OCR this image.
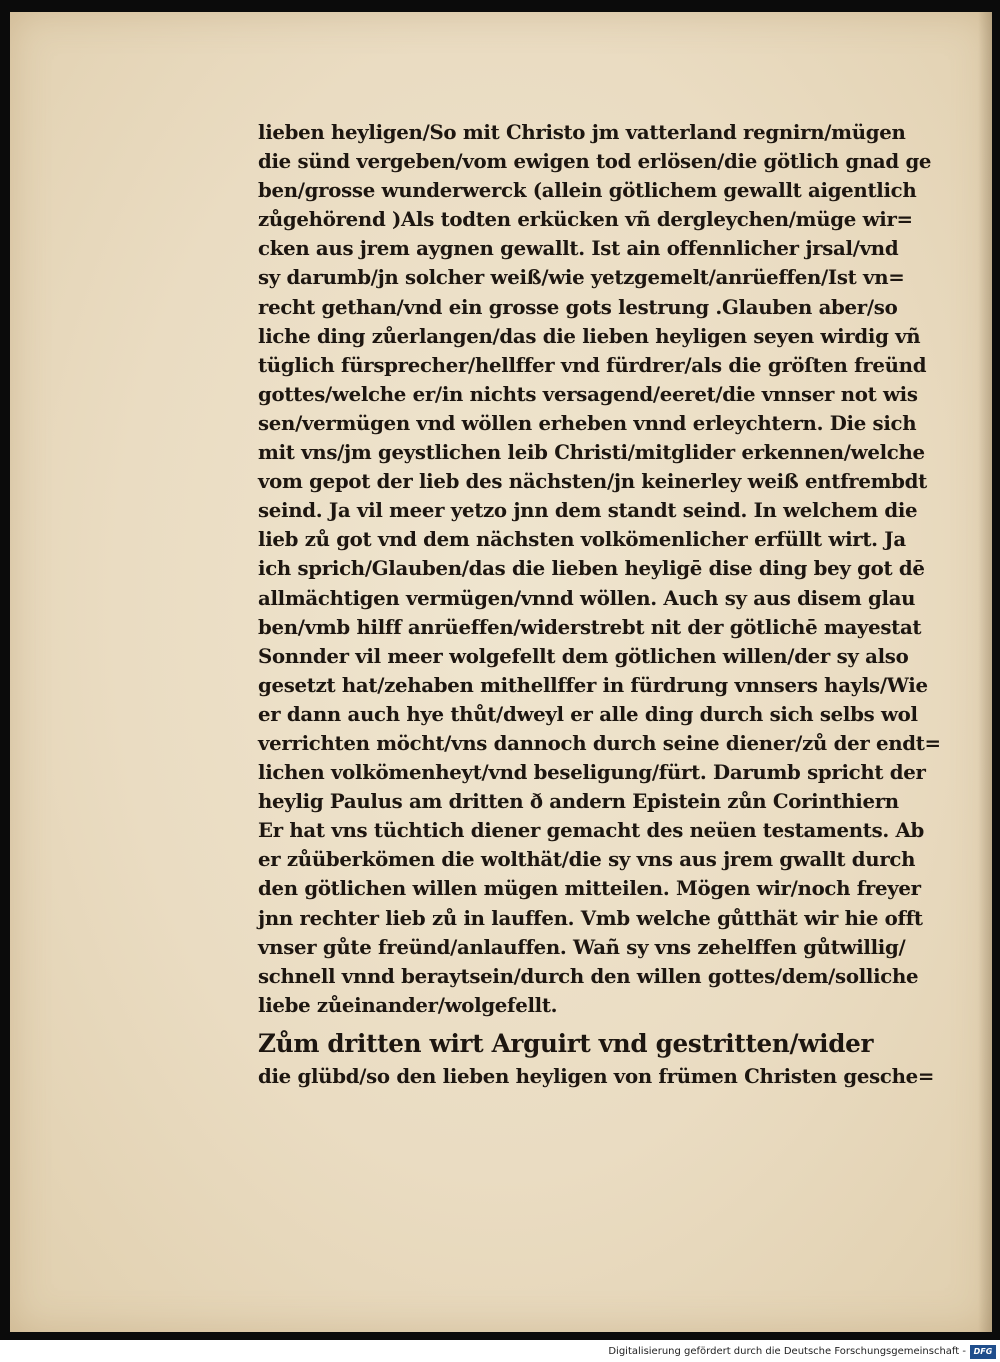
lieben heyligen/So mit Christo jm vatterland regnirn/mügen
die sünd vergeben/vom ewigen tod erlösen/die götlich gnad ge
ben/grosse wunderwerck (allein götlichem gewallt aigentlich
zůgehörend )Als todten erkücken vñ dergleychen/müge wir=
cken aus jrem aygnen gewallt. Ist ain offennlicher jrsal/vnd
sy darumb/jn solcher weiß/wie yetzgemelt/anrüeffen/Ist vn=
recht gethan/vnd ein grosse gots lestrung .Glauben aber/so
liche ding zůerlangen/das die lieben heyligen seyen wirdig vñ
tüglich fürsprecher/hellffer vnd fürdrer/als die gröſten freünd
gottes/welche er/in nichts versagend/eeret/die vnnser not wis
sen/vermügen vnd wöllen erheben vnnd erleychtern. Die sich
mit vns/jm geystlichen leib Christi/mitglider erkennen/welche
vom gepot der lieb des nächsten/jn keinerley weiß entfrembdt
seind. Ja vil meer yetzo jnn dem standt seind. In welchem die
lieb zů got vnd dem nächsten volkömenlicher erfüllt wirt. Ja
ich sprich/Glauben/das die lieben heyligē dise ding bey got dē
allmächtigen vermügen/vnnd wöllen. Auch sy aus disem glau
ben/vmb hilff anrüeffen/widerstrebt nit der götlichē mayestat
Sonnder vil meer wolgefellt dem götlichen willen/der sy also
gesetzt hat/zehaben mithellffer in fürdrung vnnsers hayls/Wie
er dann auch hye thůt/dweyl er alle ding durch sich selbs wol
verrichten möcht/vns dannoch durch seine diener/zů der endt=
lichen volkömenheyt/vnd beseligung/fürt. Darumb spricht der
heylig Paulus am dritten ð andern Epistein zůn Corinthiern
Er hat vns tüchtich diener gemacht des neüen testaments. Ab
er zůüberkömen die wolthät/die sy vns aus jrem gwallt durch
den götlichen willen mügen mitteilen. Mögen wir/noch freyer
jnn rechter lieb zů in lauffen. Vmb welche gůtthät wir hie offt
vnser gůte freünd/anlauffen. Wañ sy vns zehelffen gůtwillig/
schnell vnnd beraytsein/durch den willen gottes/dem/solliche
liebe zůeinander/wolgefellt.
Zům dritten wirt Arguirt vnd gestritten/wider
die glübd/so den lieben heyligen von frümen Christen gesche=
Digitalisierung gefördert durch die Deutsche Forschungsgemeinschaft - DFG
